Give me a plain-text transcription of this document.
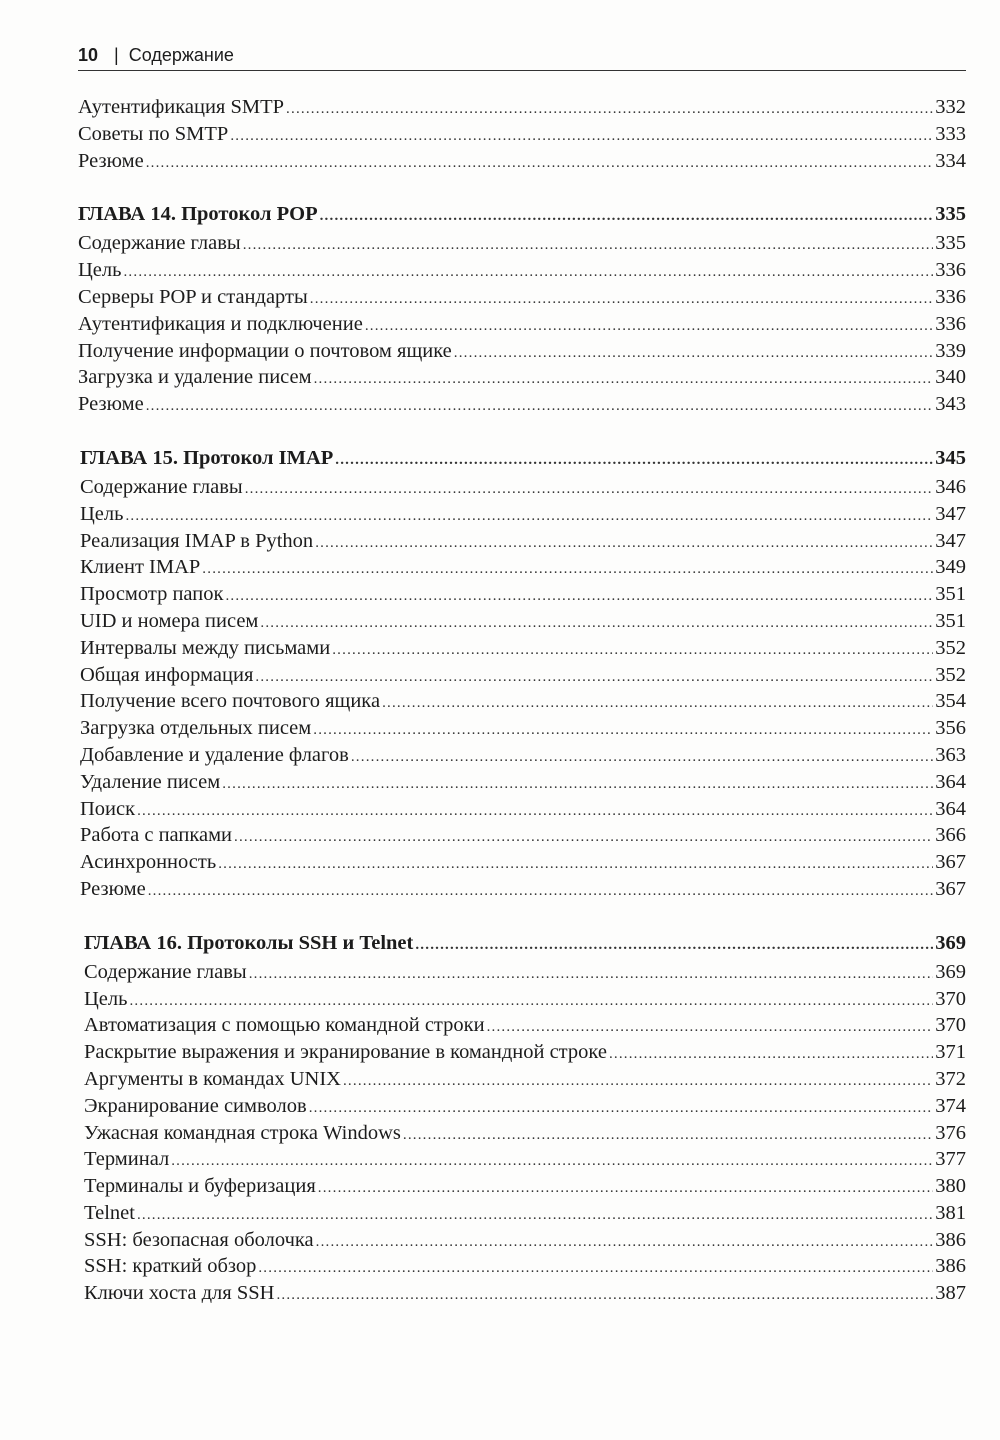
10 | Содержание
Аутентификация SMTP .....	332
Советы по SMTP .....	333
Резюме .....	334
ГЛАВА 14. Протокол POP .....	335
Содержание главы .....	335
Цель .....	336
Серверы POP и стандарты .....	336
Аутентификация и подключение .....	336
Получение информации о почтовом ящике .....	339
Загрузка и удаление писем .....	340
Резюме .....	343
ГЛАВА 15. Протокол IMAP .....	345
Содержание главы .....	346
Цель .....	347
Реализация IMAP в Python .....	347
Клиент IMAP .....	349
Просмотр папок .....	351
UID и номера писем .....	351
Интервалы между письмами .....	352
Общая информация .....	352
Получение всего почтового ящика .....	354
Загрузка отдельных писем .....	356
Добавление и удаление флагов .....	363
Удаление писем .....	364
Поиск .....	364
Работа с папками .....	366
Асинхронность .....	367
Резюме .....	367
ГЛАВА 16. Протоколы SSH и Telnet .....	369
Содержание главы .....	369
Цель .....	370
Автоматизация с помощью командной строки .....	370
Раскрытие выражения и экранирование в командной строке .....	371
Аргументы в командах UNIX .....	372
Экранирование символов .....	374
Ужасная командная строка Windows .....	376
Терминал .....	377
Терминалы и буферизация .....	380
Telnet .....	381
SSH: безопасная оболочка .....	386
SSH: краткий обзор .....	386
Ключи хоста для SSH .....	387
